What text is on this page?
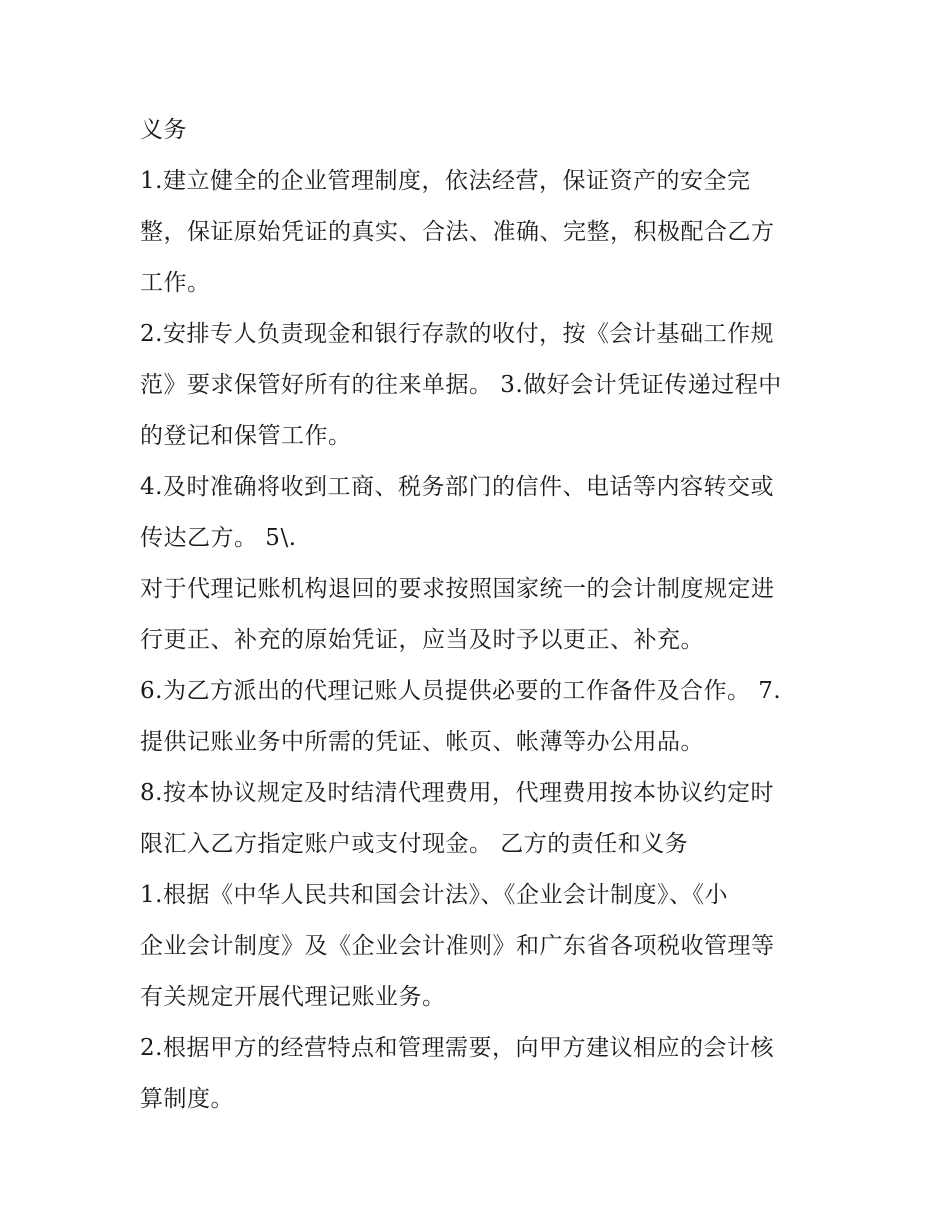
义务
1.建立健全的企业管理制度，依法经营，保证资产的安全完
整，保证原始凭证的真实、合法、准确、完整，积极配合乙方
工作。
2.安排专人负责现金和银行存款的收付，按《会计基础工作规
范》要求保管好所有的往来单据。 3.做好会计凭证传递过程中
的登记和保管工作。
4.及时准确将收到工商、税务部门的信件、电话等内容转交或
传达乙方。 5\.
对于代理记账机构退回的要求按照国家统一的会计制度规定进
行更正、补充的原始凭证，应当及时予以更正、补充。
6.为乙方派出的代理记账人员提供必要的工作备件及合作。 7.
提供记账业务中所需的凭证、帐页、帐薄等办公用品。
8.按本协议规定及时结清代理费用，代理费用按本协议约定时
限汇入乙方指定账户或支付现金。 乙方的责任和义务
1.根据《中华人民共和国会计法》、《企业会计制度》、《小
企业会计制度》及《企业会计准则》和广东省各项税收管理等
有关规定开展代理记账业务。
2.根据甲方的经营特点和管理需要，向甲方建议相应的会计核
算制度。
